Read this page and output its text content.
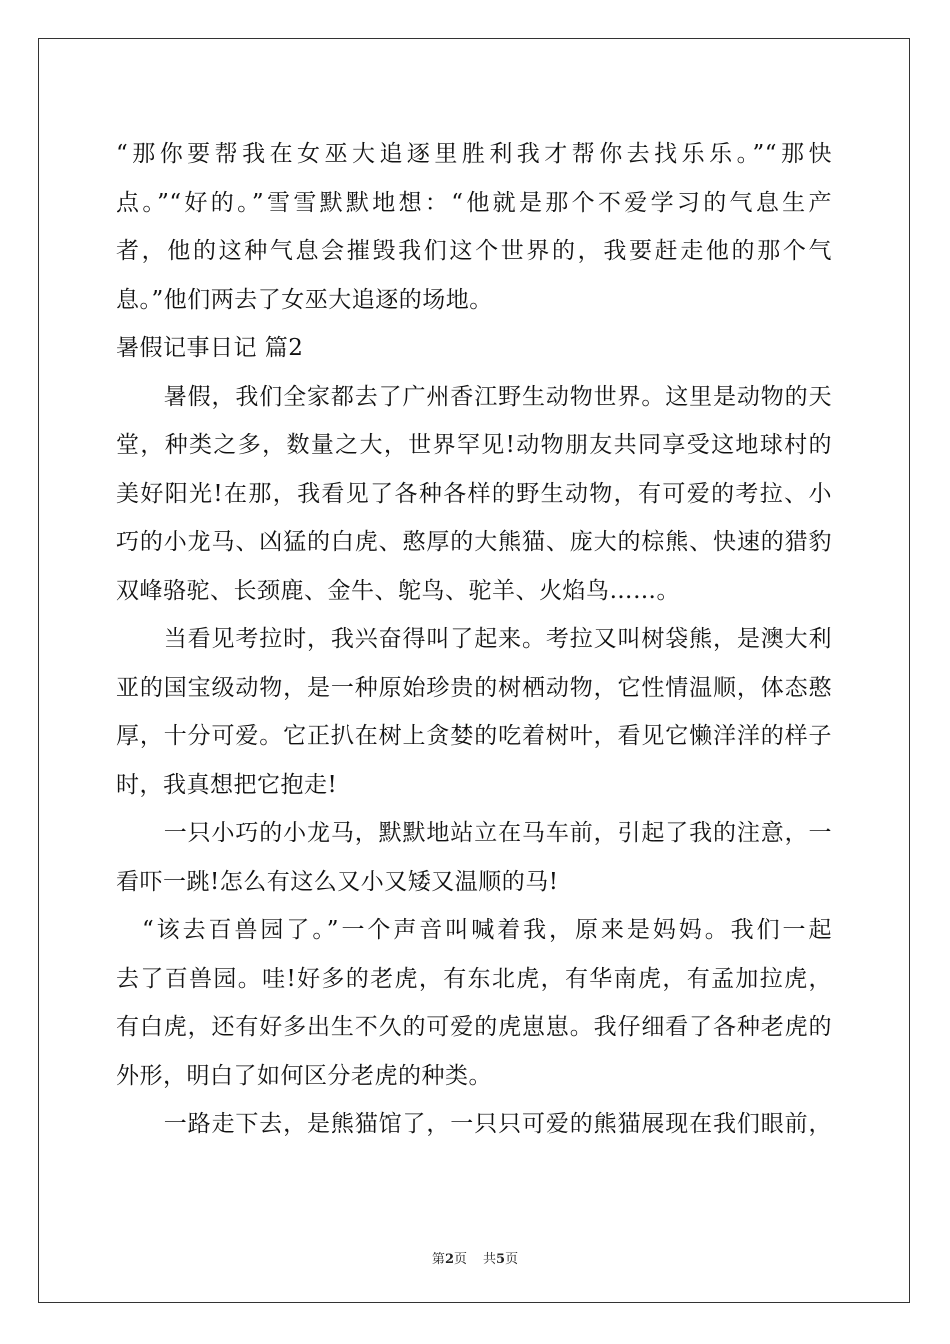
“那你要帮我在女巫大追逐里胜利我才帮你去找乐乐。”“那快
点。”“好的。”雪雪默默地想：“他就是那个不爱学习的气息生产
者，他的这种气息会摧毁我们这个世界的，我要赶走他的那个气
息。”他们两去了女巫大追逐的场地。
暑假记事日记 篇2
　　暑假，我们全家都去了广州香江野生动物世界。这里是动物的天
堂，种类之多，数量之大，世界罕见!动物朋友共同享受这地球村的
美好阳光!在那，我看见了各种各样的野生动物，有可爱的考拉、小
巧的小龙马、凶猛的白虎、憨厚的大熊猫、庞大的棕熊、快速的猎豹
双峰骆驼、长颈鹿、金牛、鸵鸟、驼羊、火焰鸟……。
　　当看见考拉时，我兴奋得叫了起来。考拉又叫树袋熊，是澳大利
亚的国宝级动物，是一种原始珍贵的树栖动物，它性情温顺，体态憨
厚，十分可爱。它正扒在树上贪婪的吃着树叶，看见它懒洋洋的样子
时，我真想把它抱走!
　　一只小巧的小龙马，默默地站立在马车前，引起了我的注意，一
看吓一跳!怎么有这么又小又矮又温顺的马!
　“该去百兽园了。”一个声音叫喊着我，原来是妈妈。我们一起
去了百兽园。哇!好多的老虎，有东北虎，有华南虎，有孟加拉虎，
有白虎，还有好多出生不久的可爱的虎崽崽。我仔细看了各种老虎的
外形，明白了如何区分老虎的种类。
　　一路走下去，是熊猫馆了，一只只可爱的熊猫展现在我们眼前，
第2页 共5页
